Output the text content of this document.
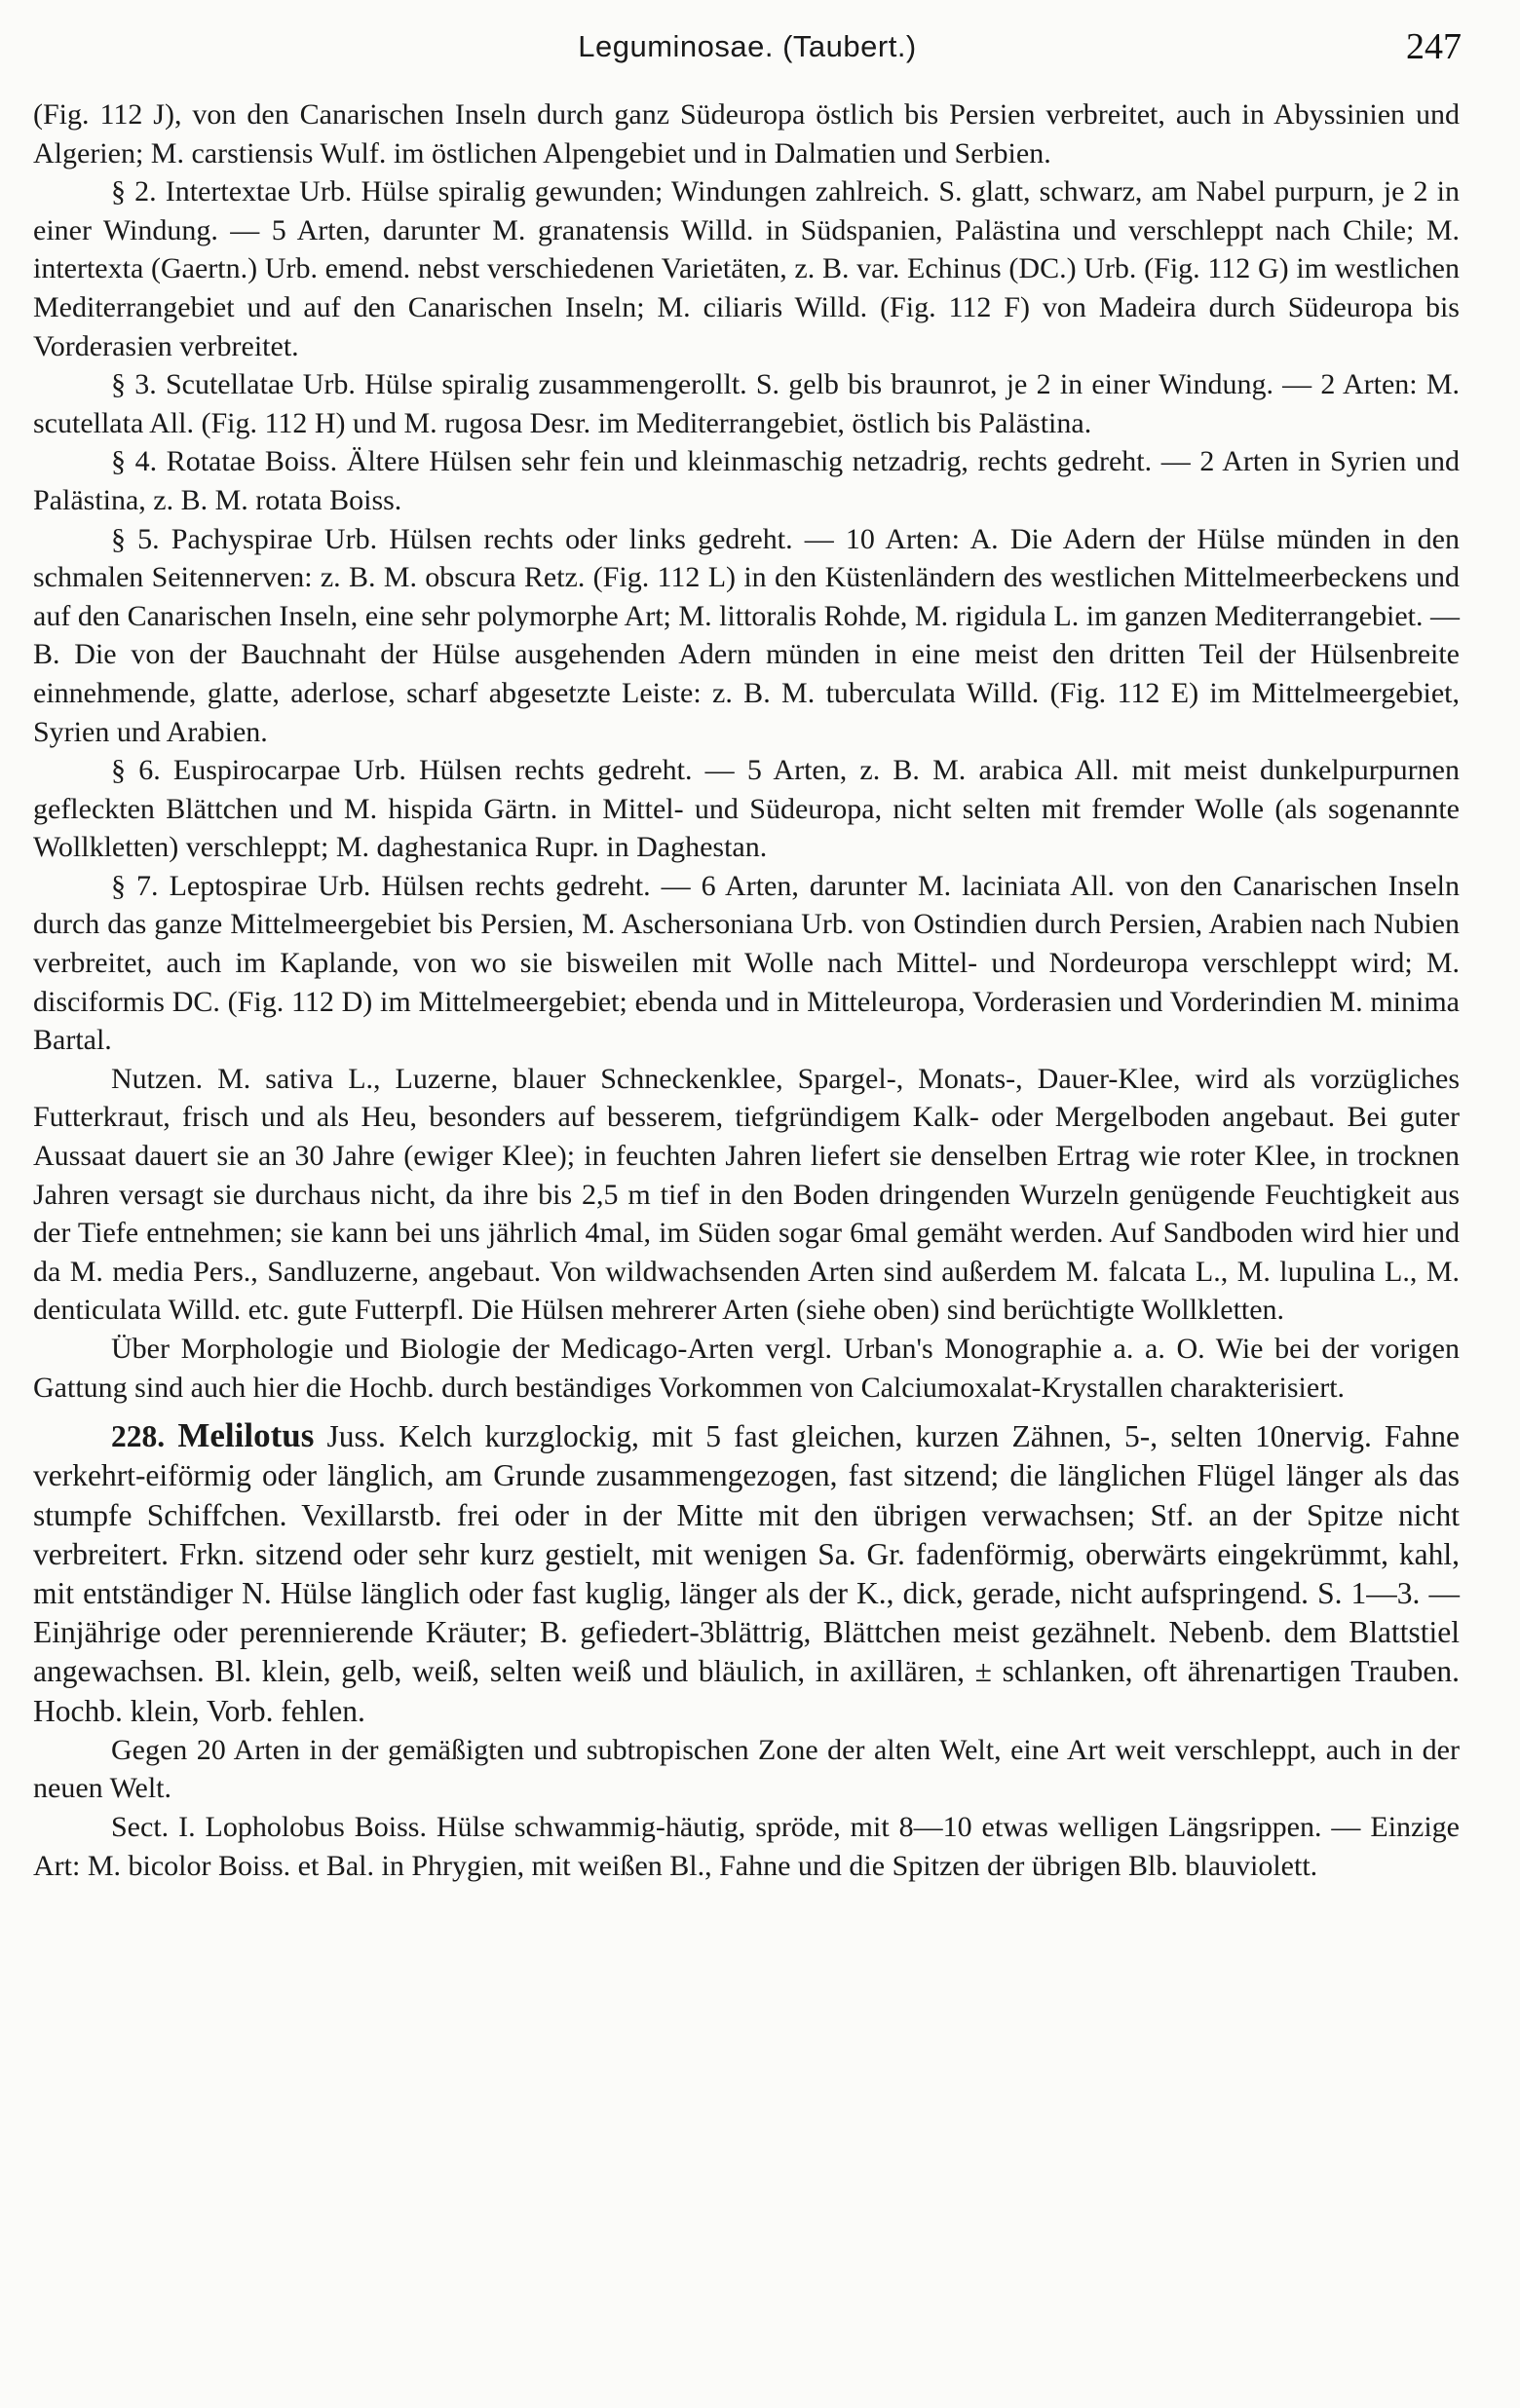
Leguminosae. (Taubert.)	247

(Fig. 112 J), von den Canarischen Inseln durch ganz Südeuropa östlich bis Persien verbreitet, auch in Abyssinien und Algerien; M. carstiensis Wulf. im östlichen Alpengebiet und in Dalmatien und Serbien.

§ 2. Intertextae Urb. Hülse spiralig gewunden; Windungen zahlreich. S. glatt, schwarz, am Nabel purpurn, je 2 in einer Windung. — 5 Arten, darunter M. granatensis Willd. in Südspanien, Palästina und verschleppt nach Chile; M. intertexta (Gaertn.) Urb. emend. nebst verschiedenen Varietäten, z. B. var. Echinus (DC.) Urb. (Fig. 112 G) im westlichen Mediterrangebiet und auf den Canarischen Inseln; M. ciliaris Willd. (Fig. 112 F) von Madeira durch Südeuropa bis Vorderasien verbreitet.

§ 3. Scutellatae Urb. Hülse spiralig zusammengerollt. S. gelb bis braunrot, je 2 in einer Windung. — 2 Arten: M. scutellata All. (Fig. 112 H) und M. rugosa Desr. im Mediterrangebiet, östlich bis Palästina.

§ 4. Rotatae Boiss. Ältere Hülsen sehr fein und kleinmaschig netzadrig, rechts gedreht. — 2 Arten in Syrien und Palästina, z. B. M. rotata Boiss.

§ 5. Pachyspirae Urb. Hülsen rechts oder links gedreht. — 10 Arten: A. Die Adern der Hülse münden in den schmalen Seitennerven: z. B. M. obscura Retz. (Fig. 112 L) in den Küstenländern des westlichen Mittelmeerbeckens und auf den Canarischen Inseln, eine sehr polymorphe Art; M. littoralis Rohde, M. rigidula L. im ganzen Mediterrangebiet. — B. Die von der Bauchnaht der Hülse ausgehenden Adern münden in eine meist den dritten Teil der Hülsenbreite einnehmende, glatte, aderlose, scharf abgesetzte Leiste: z. B. M. tuberculata Willd. (Fig. 112 E) im Mittelmeergebiet, Syrien und Arabien.

§ 6. Euspirocarpae Urb. Hülsen rechts gedreht. — 5 Arten, z. B. M. arabica All. mit meist dunkelpurpurnen gefleckten Blättchen und M. hispida Gärtn. in Mittel- und Südeuropa, nicht selten mit fremder Wolle (als sogenannte Wollkletten) verschleppt; M. daghestanica Rupr. in Daghestan.

§ 7. Leptospirae Urb. Hülsen rechts gedreht. — 6 Arten, darunter M. laciniata All. von den Canarischen Inseln durch das ganze Mittelmeergebiet bis Persien, M. Aschersoniana Urb. von Ostindien durch Persien, Arabien nach Nubien verbreitet, auch im Kaplande, von wo sie bisweilen mit Wolle nach Mittel- und Nordeuropa verschleppt wird; M. disciformis DC. (Fig. 112 D) im Mittelmeergebiet; ebenda und in Mitteleuropa, Vorderasien und Vorderindien M. minima Bartal.

Nutzen. M. sativa L., Luzerne, blauer Schneckenklee, Spargel-, Monats-, Dauer-Klee, wird als vorzügliches Futterkraut, frisch und als Heu, besonders auf besserem, tiefgründigem Kalk- oder Mergelboden angebaut. Bei guter Aussaat dauert sie an 30 Jahre (ewiger Klee); in feuchten Jahren liefert sie denselben Ertrag wie roter Klee, in trocknen Jahren versagt sie durchaus nicht, da ihre bis 2,5 m tief in den Boden dringenden Wurzeln genügende Feuchtigkeit aus der Tiefe entnehmen; sie kann bei uns jährlich 4mal, im Süden sogar 6mal gemäht werden. Auf Sandboden wird hier und da M. media Pers., Sandluzerne, angebaut. Von wildwachsenden Arten sind außerdem M. falcata L., M. lupulina L., M. denticulata Willd. etc. gute Futterpfl. Die Hülsen mehrerer Arten (siehe oben) sind berüchtigte Wollkletten.

Über Morphologie und Biologie der Medicago-Arten vergl. Urban's Monographie a. a. O. Wie bei der vorigen Gattung sind auch hier die Hochb. durch beständiges Vorkommen von Calciumoxalat-Krystallen charakterisiert.

228. Melilotus Juss. Kelch kurzglockig, mit 5 fast gleichen, kurzen Zähnen, 5-, selten 10nervig. Fahne verkehrt-eiförmig oder länglich, am Grunde zusammengezogen, fast sitzend; die länglichen Flügel länger als das stumpfe Schiffchen. Vexillarstb. frei oder in der Mitte mit den übrigen verwachsen; Stf. an der Spitze nicht verbreitert. Frkn. sitzend oder sehr kurz gestielt, mit wenigen Sa. Gr. fadenförmig, oberwärts eingekrümmt, kahl, mit entständiger N. Hülse länglich oder fast kuglig, länger als der K., dick, gerade, nicht aufspringend. S. 1—3. — Einjährige oder perennierende Kräuter; B. gefiedert-3blättrig, Blättchen meist gezähnelt. Nebenb. dem Blattstiel angewachsen. Bl. klein, gelb, weiß, selten weiß und bläulich, in axillären, ± schlanken, oft ährenartigen Trauben. Hochb. klein, Vorb. fehlen.

Gegen 20 Arten in der gemäßigten und subtropischen Zone der alten Welt, eine Art weit verschleppt, auch in der neuen Welt.

Sect. I. Lopholobus Boiss. Hülse schwammig-häutig, spröde, mit 8—10 etwas welligen Längsrippen. — Einzige Art: M. bicolor Boiss. et Bal. in Phrygien, mit weißen Bl., Fahne und die Spitzen der übrigen Blb. blauviolett.
